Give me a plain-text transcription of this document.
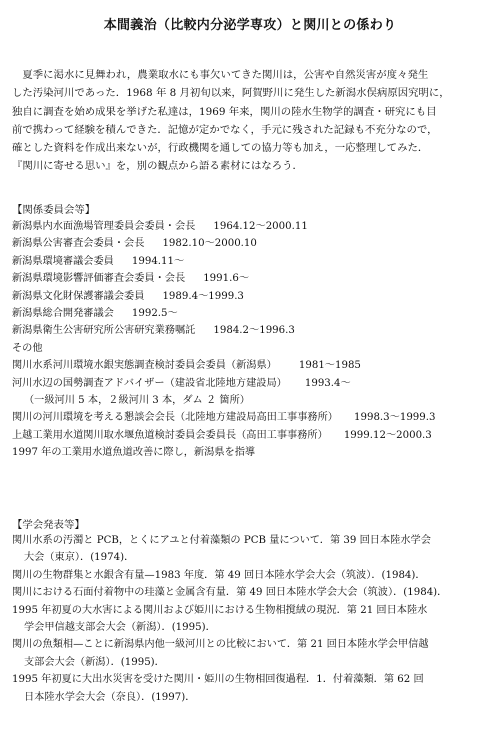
本間義治（比較内分泌学専攻）と関川との係わり
　夏季に渇水に見舞われ，農業取水にも事欠いてきた関川は，公害や自然災害が度々発生
した汚染河川であった．1968 年 8 月初旬以来，阿賀野川に発生した新潟水俣病原因究明に，
独自に調査を始め成果を挙げた私達は，1969 年来，関川の陸水生物学的調査・研究にも目
前で携わって経験を積んできた．記憶が定かでなく，手元に残された記録も不充分なので，
確とした資料を作成出来ないが，行政機関を通しての協力等も加え，一応整理してみた．
『関川に寄せる思い』を，別の観点から語る素材にはなろう．
【関係委員会等】
新潟県内水面漁場管理委員会委員・会長 1964.12～2000.11
新潟県公害審査会委員・会長 1982.10～2000.10
新潟県環境審議会委員 1994.11～
新潟県環境影響評価審査会委員・会長 1991.6～
新潟県文化財保護審議会委員 1989.4～1999.3
新潟県総合開発審議会 1992.5～
新潟県衛生公害研究所公害研究業務嘱託 1984.2～1996.3
その他
関川水系河川環境水銀実態調査検討委員会委員（新潟県） 1981～1985
河川水辺の国勢調査アドバイザー（建設省北陸地方建設局） 1993.4～
（一級河川 5 本，２級河川 3 本，ダム ２ 箇所）
関川の河川環境を考える懇談会会長（北陸地方建設局高田工事事務所） 1998.3～1999.3
上越工業用水道関川取水堰魚道検討委員会委員長（高田工事事務所） 1999.12～2000.3
1997 年の工業用水道魚道改善に際し，新潟県を指導
【学会発表等】
関川水系の汚濁と PCB，とくにアユと付着藻類の PCB 量について．第 39 回日本陸水学会
大会（東京）．(1974)．
関川の生物群集と水銀含有量—1983 年度．第 49 回日本陸水学会大会（筑波）．(1984)．
関川における石面付着物中の珪藻と金属含有量．第 49 回日本陸水学会大会（筑波）．(1984)．
1995 年初夏の大水害による関川および姫川における生物相撹絨の現況．第 21 回日本陸水
学会甲信越支部会大会（新潟）．(1995)．
関川の魚類相—ことに新潟県内他一級河川との比較において．第 21 回日本陸水学会甲信越
支部会大会（新潟）．(1995)．
1995 年初夏に大出水災害を受けた関川・姫川の生物相回復過程．1．付着藻類．第 62 回
日本陸水学会大会（奈良）．(1997)．
